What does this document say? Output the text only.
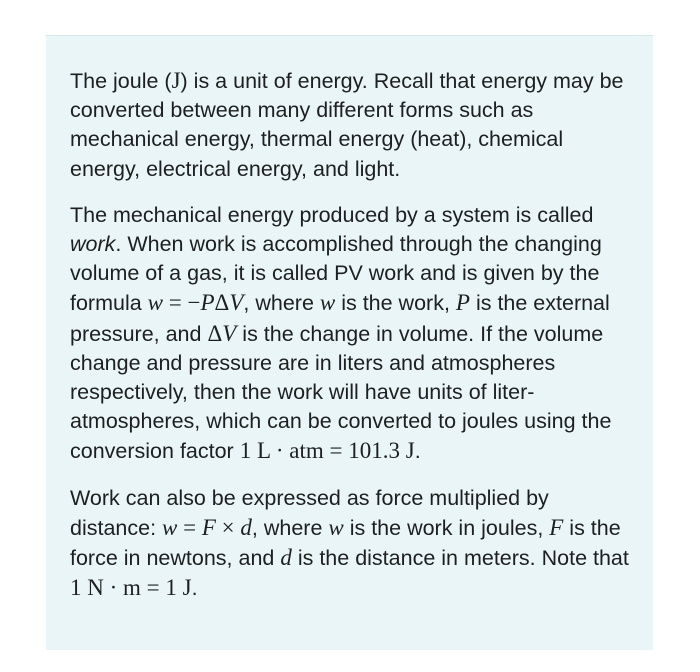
The joule (J) is a unit of energy. Recall that energy may be converted between many different forms such as mechanical energy, thermal energy (heat), chemical energy, electrical energy, and light.

The mechanical energy produced by a system is called work. When work is accomplished through the changing volume of a gas, it is called PV work and is given by the formula w = −PΔV, where w is the work, P is the external pressure, and ΔV is the change in volume. If the volume change and pressure are in liters and atmospheres respectively, then the work will have units of liter-atmospheres, which can be converted to joules using the conversion factor 1 L · atm = 101.3 J.

Work can also be expressed as force multiplied by distance: w = F × d, where w is the work in joules, F is the force in newtons, and d is the distance in meters. Note that 1 N · m = 1 J.
